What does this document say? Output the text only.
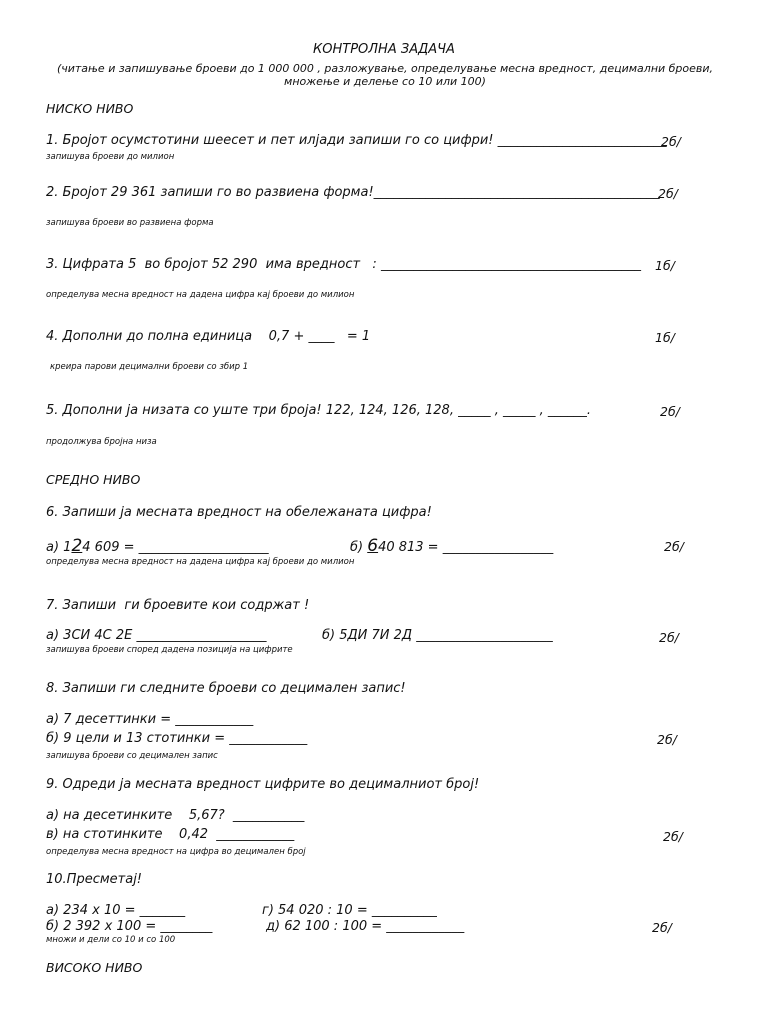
КОНТРОЛНА ЗАДАЧА
(читање и запишување броеви до 1 000 000 , разложување, определување месна вредност, децимални броеви, множење и делење со 10 или 100)
НИСКО НИВО
1. Бројот осумстотини шеесет и пет илјади запиши го со цифри! __________________________
2б/
запишува броеви до милион
2. Бројот 29 361 запиши го во развиена форма!____________________________________________
2б/
запишува броеви во развиена форма
3. Цифрата 5  во бројот 52 290  има вредност   : ________________________________________ 1б/
определува месна вредност на дадена цифра кај броеви до милион
4. Дополни до полна единица    0,7 + ____   = 1	1б/
креира парови децимални броеви со збир 1
5. Дополни ја низата со уште три броја! 122, 124, 126, 128, _____ , _____ , ______.	2б/
продолжува бројна низа
СРЕДНО НИВО
6. Запиши ја месната вредност на обележаната цифра!
а) 124 609 = ____________________	б) 640 813 = _________________	2б/
определува месна вредност на дадена цифра кај броеви до милион
7. Запиши  ги броевите кои содржат !
а) 3СИ 4С 2Е ____________________	б) 5ДИ 7И 2Д _____________________	2б/
запишува броеви според дадена позиција на цифрите
8. Запиши ги следните броеви со децимален запис!
а) 7 десеттинки = ____________
б) 9 цели и 13 стотинки = ____________	2б/
запишува броеви со децимален запис
9. Одреди ја месната вредност цифрите во децималниот број!
а) на десетинките    5,67?  ___________
в) на стотинките    0,42  ____________	2б/
определува месна вредност на цифра во децимален број
10.Пресметај!
а) 234 x 10 = _______	г) 54 020 : 10 = __________
б) 2 392 x 100 = ________	д) 62 100 : 100 = ____________	2б/
множи и дели со 10 и со 100
ВИСОКО НИВО
